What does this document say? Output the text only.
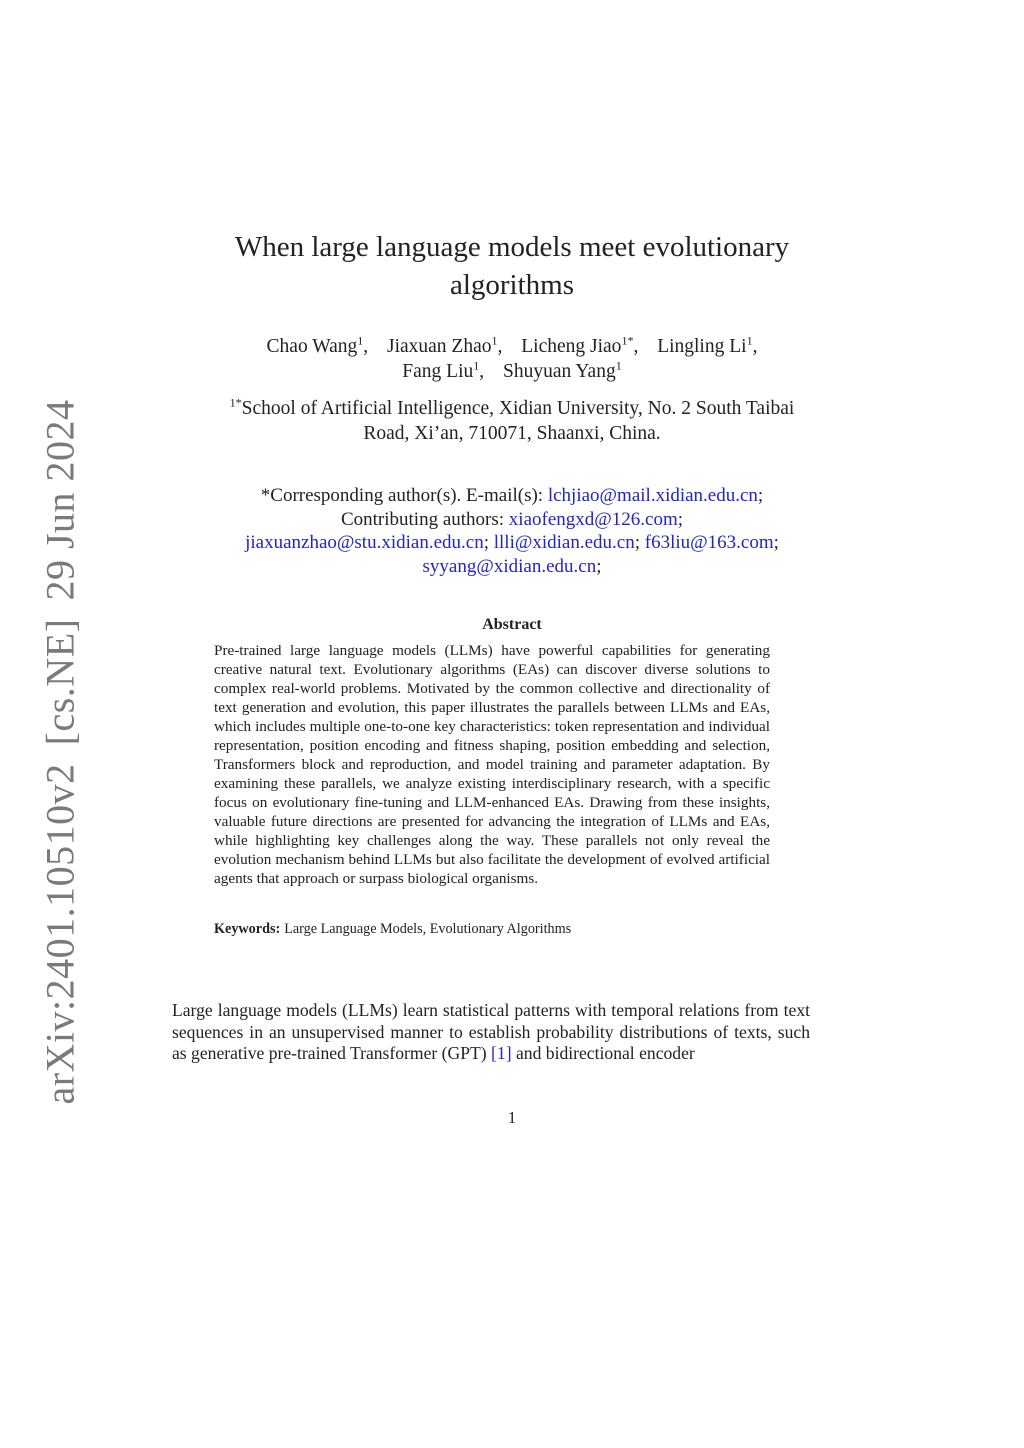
arXiv:2401.10510v2[cs.NE]29 Jun 2024
When large language models meet evolutionary
algorithms
Chao Wang$^1$, Jiaxuan Zhao$^1$, Licheng Jiao$^{1*}$, Lingling Li$^1$,
Fang Liu$^1$, Shuyuan Yang$^1$
$^{1*}$School of Artificial Intelligence, Xidian University, No. 2 South Taibai
Road, Xi’an, 710071, Shaanxi, China.
*Corresponding author(s). E-mail(s): lchjiao@mail.xidian.edu.cn;
Contributing authors: xiaofengxd@126.com;
jiaxuanzhao@stu.xidian.edu.cn; llli@xidian.edu.cn; f63liu@163.com;
syyang@xidian.edu.cn;
Abstract
Pre-trained large language models (LLMs) have powerful capabilities for generating creative natural text. Evolutionary algorithms (EAs) can discover diverse solutions to complex real-world problems. Motivated by the common collective and directionality of text generation and evolution, this paper illustrates the parallels between LLMs and EAs, which includes multiple one-to-one key characteristics: token representation and individual representation, position encoding and fitness shaping, position embedding and selection, Transformers block and reproduction, and model training and parameter adaptation. By examining these parallels, we analyze existing interdisciplinary research, with a specific focus on evolutionary fine-tuning and LLM-enhanced EAs. Drawing from these insights, valuable future directions are presented for advancing the integration of LLMs and EAs, while highlighting key challenges along the way. These parallels not only reveal the evolution mechanism behind LLMs but also facilitate the development of evolved artificial agents that approach or surpass biological organisms.
Keywords: Large Language Models, Evolutionary Algorithms
Large language models (LLMs) learn statistical patterns with temporal relations from text sequences in an unsupervised manner to establish probability distributions of texts, such as generative pre-trained Transformer (GPT) [1] and bidirectional encoder
1
